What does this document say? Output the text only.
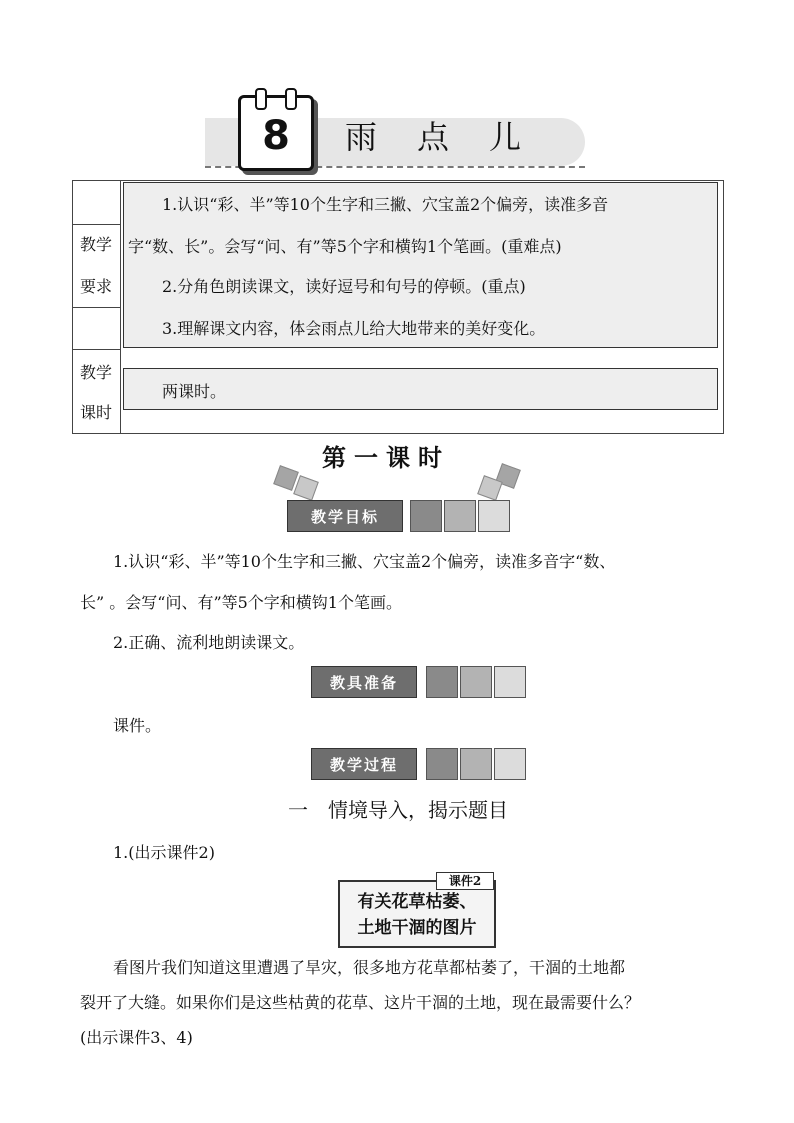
8 雨点儿
教学
要求
1.认识“彩、半”等10个生字和三撇、穴宝盖2个偏旁，读准多音
字“数、长”。会写“问、有”等5个字和横钩1个笔画。(重难点)
2.分角色朗读课文，读好逗号和句号的停顿。(重点)
3.理解课文内容，体会雨点儿给大地带来的美好变化。
教学
课时
两课时。
第一课时
教学目标
1.认识“彩、半”等10个生字和三撇、穴宝盖2个偏旁，读准多音字“数、
长” 。会写“问、有”等5个字和横钩1个笔画。
2.正确、流利地朗读课文。
教具准备
课件。
教学过程
一　情境导入，揭示题目
1.(出示课件2)
有关花草枯萎、
土地干涸的图片
课件2
看图片我们知道这里遭遇了旱灾，很多地方花草都枯萎了，干涸的土地都
裂开了大缝。如果你们是这些枯黄的花草、这片干涸的土地，现在最需要什么？
(出示课件3、4)
